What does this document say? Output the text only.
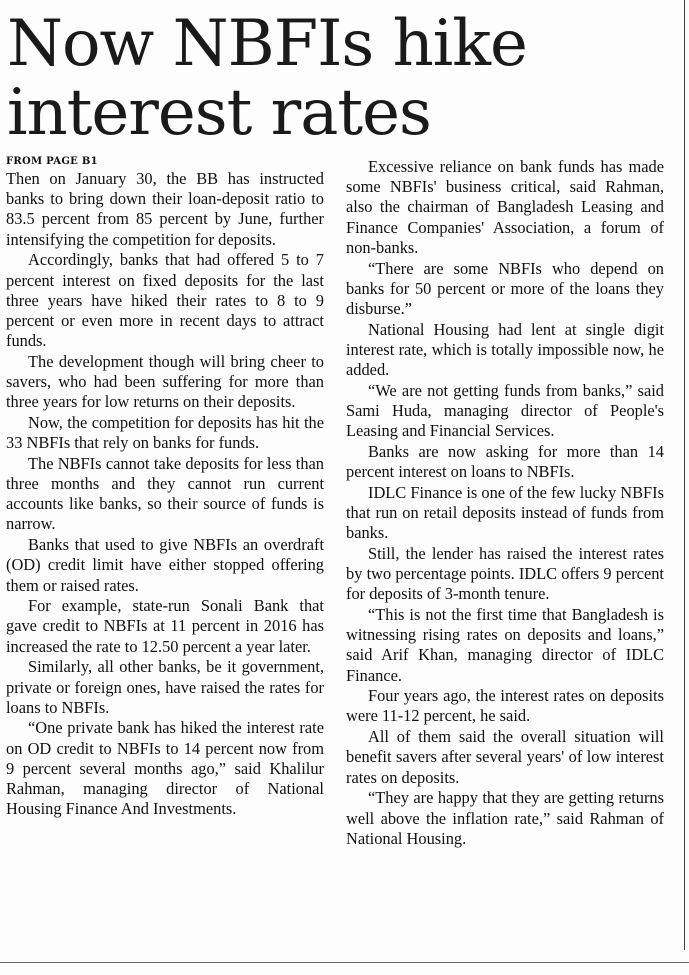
Now NBFIs hike interest rates
FROM PAGE B1

Then on January 30, the BB has instructed banks to bring down their loan-deposit ratio to 83.5 percent from 85 percent by June, further intensifying the competition for deposits.

Accordingly, banks that had offered 5 to 7 percent interest on fixed deposits for the last three years have hiked their rates to 8 to 9 percent or even more in recent days to attract funds.

The development though will bring cheer to savers, who had been suffering for more than three years for low returns on their deposits.

Now, the competition for deposits has hit the 33 NBFIs that rely on banks for funds.

The NBFIs cannot take deposits for less than three months and they cannot run current accounts like banks, so their source of funds is narrow.

Banks that used to give NBFIs an overdraft (OD) credit limit have either stopped offering them or raised rates.

For example, state-run Sonali Bank that gave credit to NBFIs at 11 percent in 2016 has increased the rate to 12.50 percent a year later.

Similarly, all other banks, be it government, private or foreign ones, have raised the rates for loans to NBFIs.

“One private bank has hiked the interest rate on OD credit to NBFIs to 14 percent now from 9 percent several months ago,” said Khalilur Rahman, managing director of National Housing Finance And Investments.

Excessive reliance on bank funds has made some NBFIs' business critical, said Rahman, also the chairman of Bangladesh Leasing and Finance Companies' Association, a forum of non-banks.

“There are some NBFIs who depend on banks for 50 percent or more of the loans they disburse.”

National Housing had lent at single digit interest rate, which is totally impossible now, he added.

“We are not getting funds from banks,” said Sami Huda, managing director of People's Leasing and Financial Services.

Banks are now asking for more than 14 percent interest on loans to NBFIs.

IDLC Finance is one of the few lucky NBFIs that run on retail deposits instead of funds from banks.

Still, the lender has raised the interest rates by two percentage points. IDLC offers 9 percent for deposits of 3-month tenure.

“This is not the first time that Bangladesh is witnessing rising rates on deposits and loans,” said Arif Khan, managing director of IDLC Finance.

Four years ago, the interest rates on deposits were 11-12 percent, he said.

All of them said the overall situation will benefit savers after several years' of low interest rates on deposits.

“They are happy that they are getting returns well above the inflation rate,” said Rahman of National Housing.
